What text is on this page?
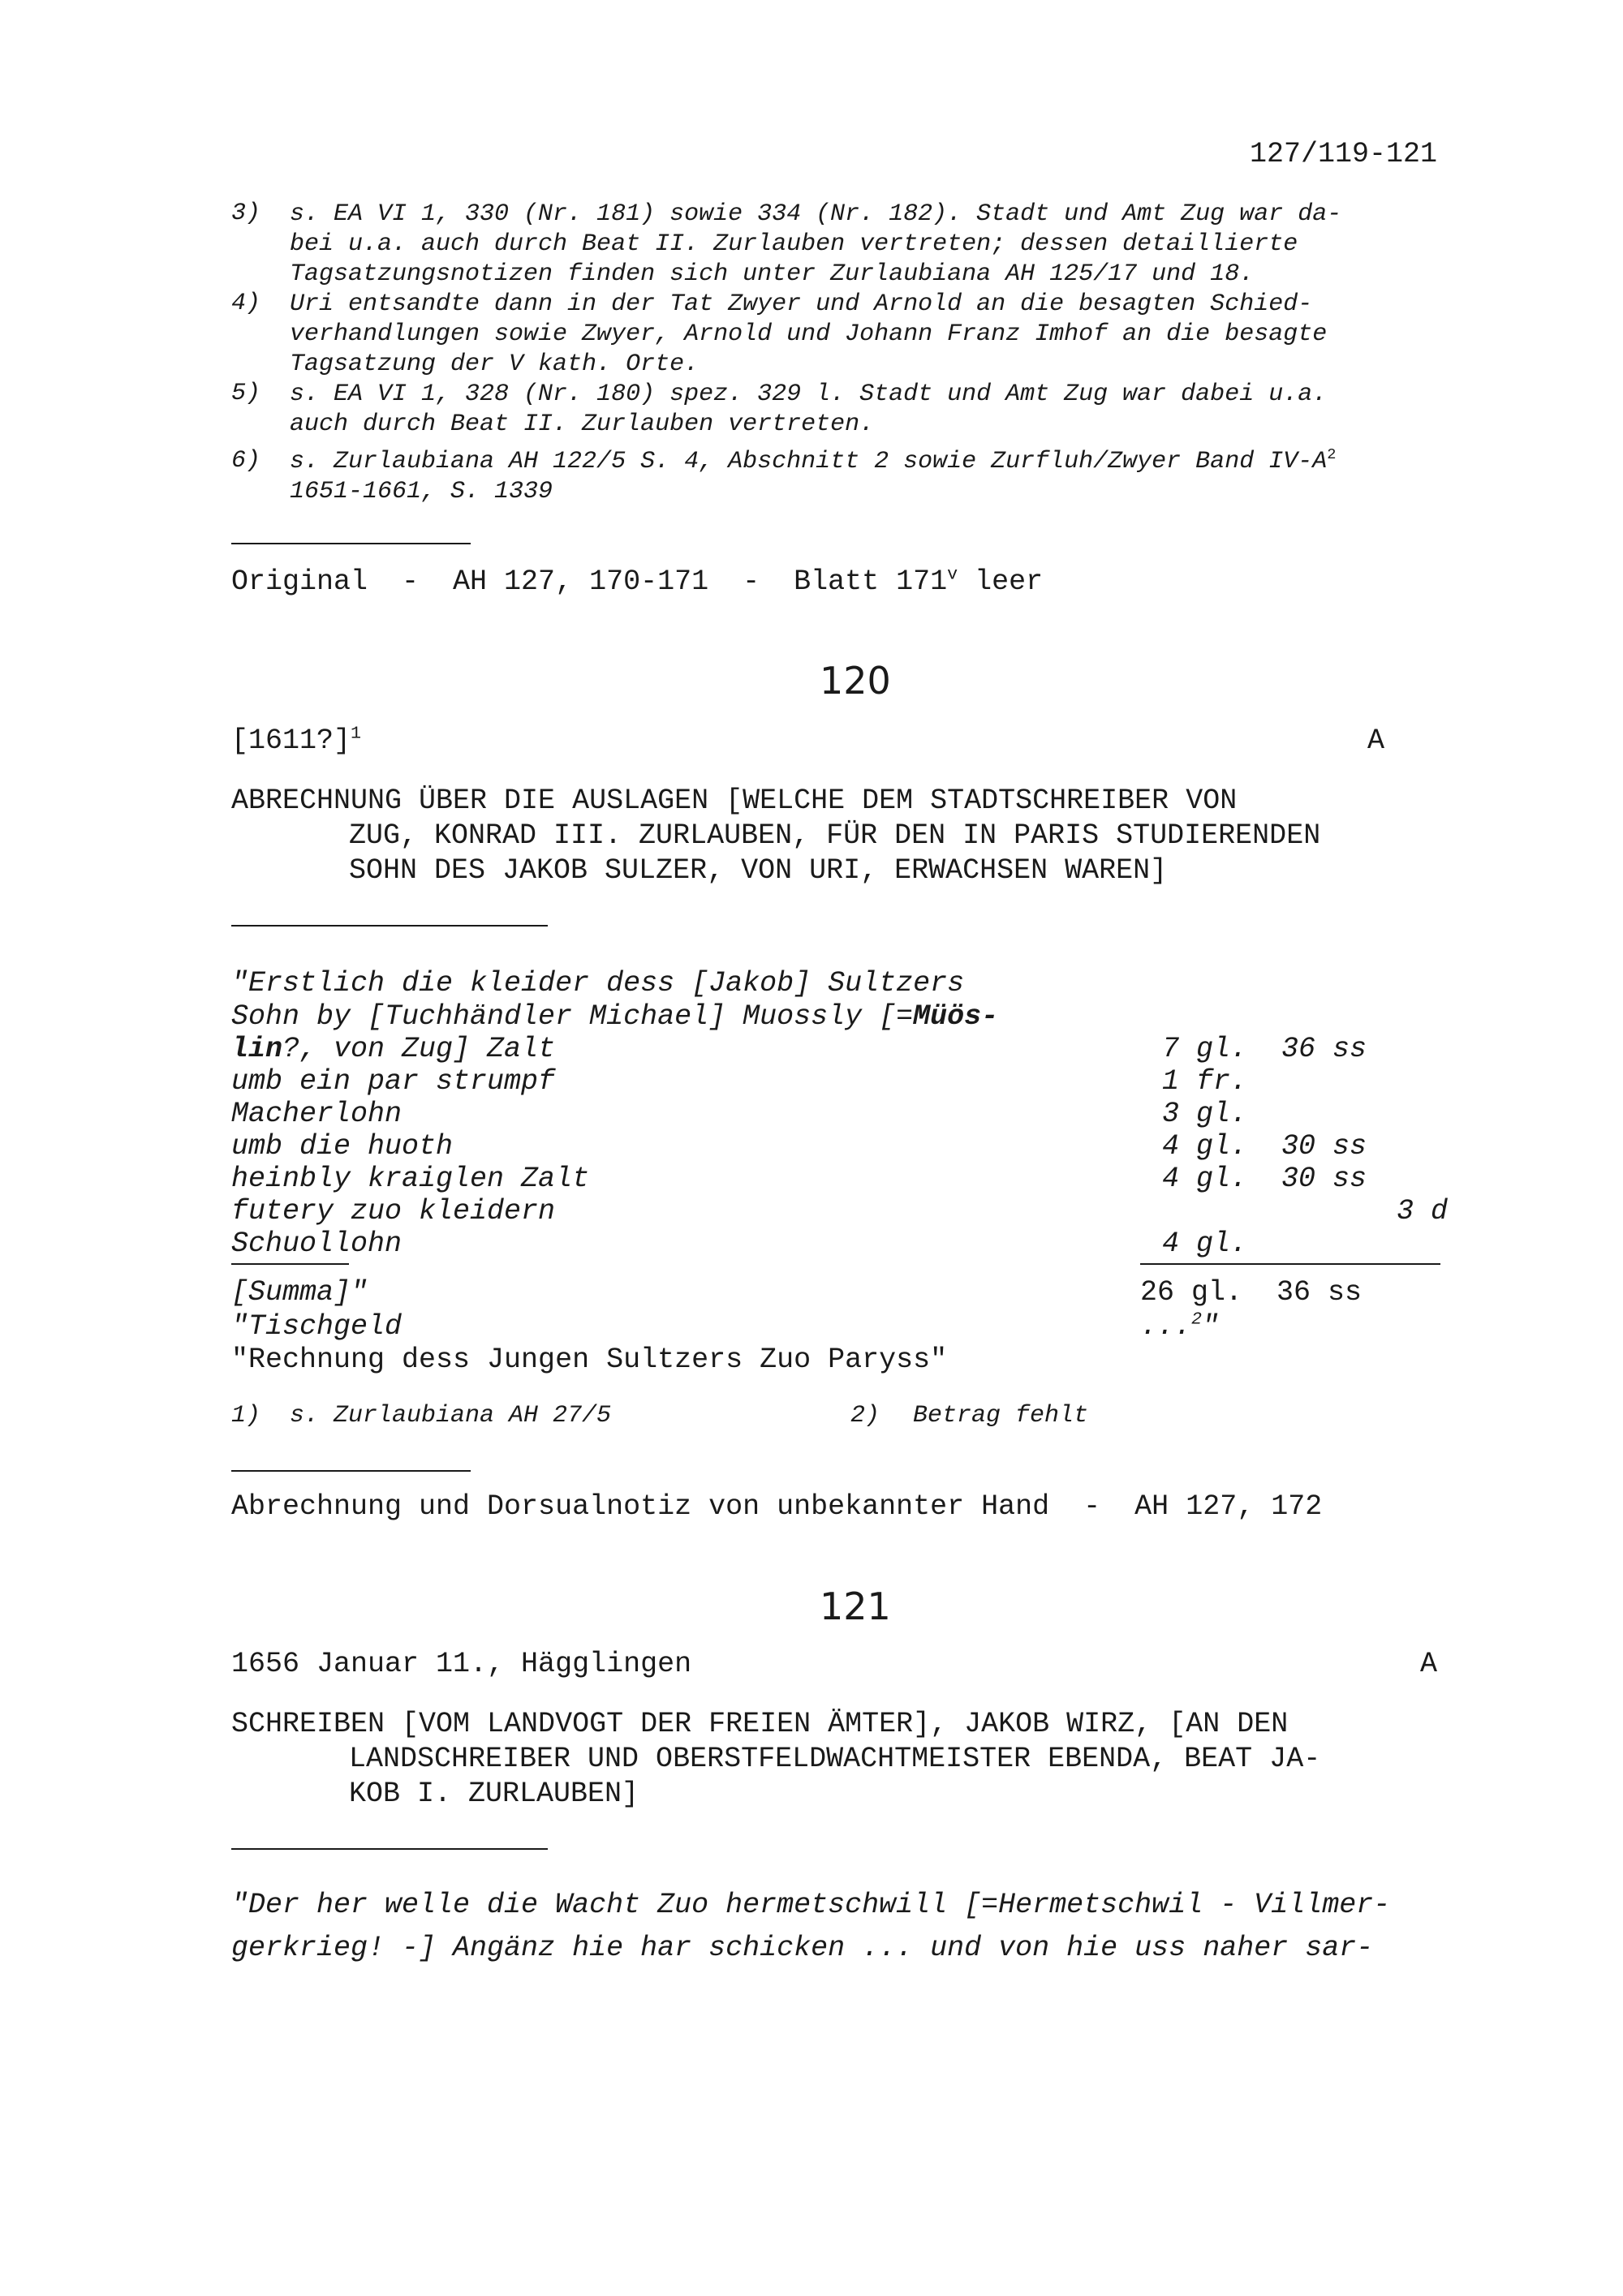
127/119-121
3) s. EA VI 1, 330 (Nr. 181) sowie 334 (Nr. 182). Stadt und Amt Zug war da-
bei u.a. auch durch Beat II. Zurlauben vertreten; dessen detaillierte
Tagsatzungsnotizen finden sich unter Zurlaubiana AH 125/17 und 18.
4) Uri entsandte dann in der Tat Zwyer und Arnold an die besagten Schied-
verhandlungen sowie Zwyer, Arnold und Johann Franz Imhof an die besagte
Tagsatzung der V kath. Orte.
5) s. EA VI 1, 328 (Nr. 180) spez. 329 l. Stadt und Amt Zug war dabei u.a.
auch durch Beat II. Zurlauben vertreten.
6) s. Zurlaubiana AH 122/5 S. 4, Abschnitt 2 sowie Zurfluh/Zwyer Band $IV-A^2$
1651-1661, S. 1339
Original  -  AH 127, 170-171  -  Blatt 171$^v$ leer
120
[1611?]$^1$	A
ABRECHNUNG ÜBER DIE AUSLAGEN [WELCHE DEM STADTSCHREIBER VON
ZUG, KONRAD III. ZURLAUBEN, FÜR DEN IN PARIS STUDIERENDEN
SOHN DES JAKOB SULZER, VON URI, ERWACHSEN WAREN]
"Erstlich die kleider dess [Jakob] Sultzers
Sohn by [Tuchhändler Michael] Muossly [=Müös-
lin?, von Zug] Zalt	7 gl.  36 ss
umb ein par strumpf	1 fr.
Macherlohn	3 gl.
umb die huoth	4 gl.  30 ss
heinbly kraiglen Zalt	4 gl.  30 ss
futery zuo kleidern	3 d
Schuollohn	4 gl.
[Summa]"	26 gl.  36 ss
"Tischgeld	...$^2$"
"Rechnung dess Jungen Sultzers Zuo Paryss"
1) s. Zurlaubiana AH 27/5	2) Betrag fehlt
Abrechnung und Dorsualnotiz von unbekannter Hand  -  AH 127, 172
121
1656 Januar 11., Hägglingen	A
SCHREIBEN [VOM LANDVOGT DER FREIEN ÄMTER], JAKOB WIRZ, [AN DEN
LANDSCHREIBER UND OBERSTFELDWACHTMEISTER EBENDA, BEAT JA-
KOB I. ZURLAUBEN]
"Der her welle die Wacht Zuo hermetschwill [=Hermetschwil - Villmer-
gerkrieg! -] Angänz hie har schicken ... und von hie uss naher sar-
